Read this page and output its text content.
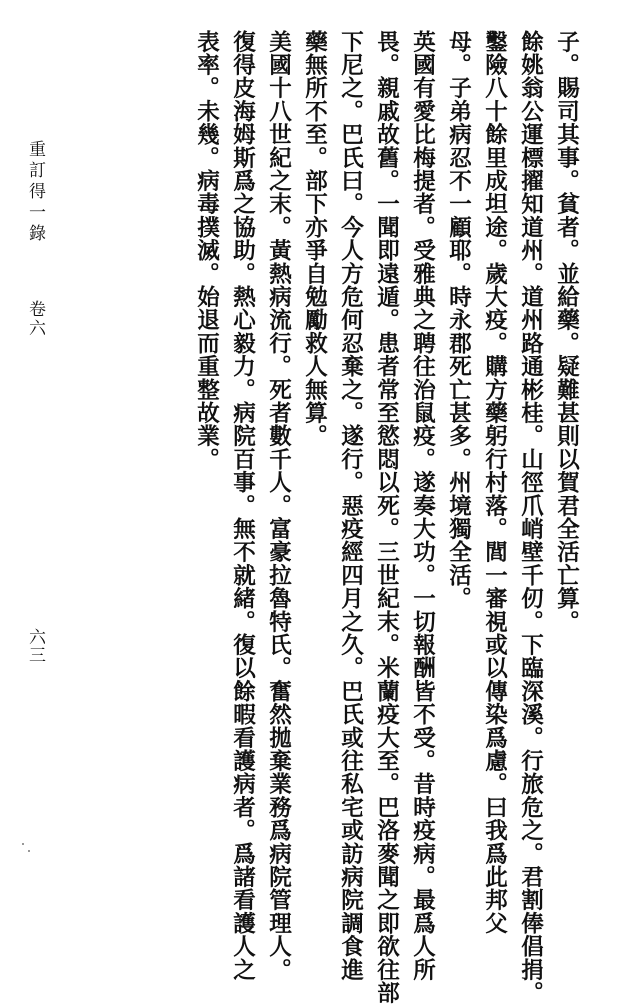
子。賜司其事。貧者。並給藥。疑難甚則以賀君全活亡算。
餘姚翁公運標擢知道州。道州路通彬桂。山徑爪峭壁千仞。下臨深溪。行旅危之。君割俸倡捐。
鑿險八十餘里成坦途。歲大疫。購方藥躬行村落。閭一審視或以傳染爲慮。曰我爲此邦父
母。子弟病忍不一顧耶。時永郡死亡甚多。州境獨全活。
英國有愛比梅提者。受雅典之聘往治鼠疫。遂奏大功。一切報酬皆不受。昔時疫病。最爲人所
畏。親戚故舊。一聞即遠遁。患者常至慾悶以死。三世紀末。米蘭疫大至。巴洛麥聞之即欲往部
下尼之。巴氏曰。今人方危何忍棄之。遂行。惡疫經四月之久。巴氏或往私宅或訪病院調食進
藥無所不至。部下亦爭自勉勵救人無算。
美國十八世紀之末。黃熱病流行。死者數千人。富豪拉魯特氏。奮然拋棄業務爲病院管理人。
復得皮海姆斯爲之協助。熱心毅力。病院百事。無不就緒。復以餘暇看護病者。爲諸看護人之
表率。未幾。病毒撲滅。始退而重整故業。
重訂得一錄
卷六
六三
